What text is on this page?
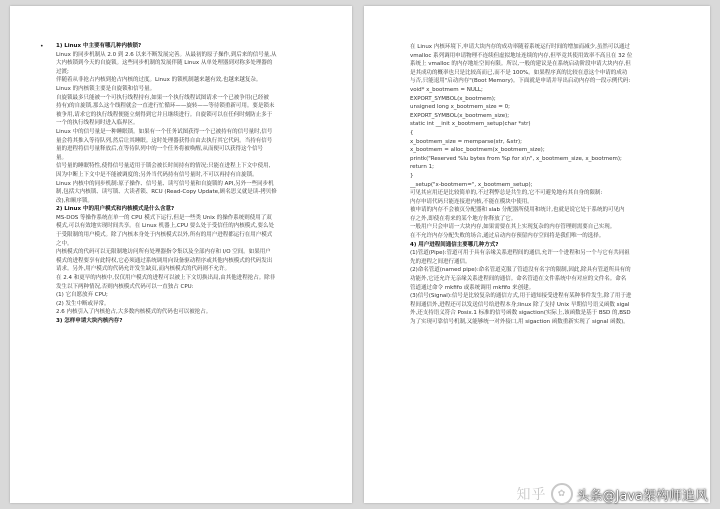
• 1) Linux 中主要有哪几种内核锁?
Linux 的同步机制从 2.0 到 2.6 以来不断发展完善。从最初的原子操作,到后来的信号量,从
大内核锁到今天的自旋锁。这些同步机制的发展伴随 Linux 从单处理器到对称多处理器的
过渡;
伴随着从非抢占内核到抢占内核的过度。Linux 的锁机制越来越有效,也越来越复杂。
Linux 的内核锁主要是自旋锁和信号量。
自旋锁最多只能被一个可执行线程持有,如果一个执行线程试图请求一个已被争用(已经被
持有)的自旋锁,那么这个线程就会一直进行忙循环——旋转——等待锁重新可用。要是锁未
被争用,请求它的执行线程便能立刻得到它并且继续进行。自旋锁可以在任何时刻防止多于
一个的执行线程同时进入临界区。
Linux 中的信号量是一种睡眠锁。如果有一个任务试图获得一个已被持有的信号量时,信号
量会将其推入等待队列,然后让其睡眠。这时处理器获得自由去执行其它代码。当持有信号
量的进程将信号量释放后,在等待队列中的一个任务将被唤醒,从而便可以获得这个信号
量。
信号量的睡眠特性,使得信号量适用于锁会被长时间持有的情况;只能在进程上下文中使用,
因为中断上下文中是不能被调度的;另外当代码持有信号量时,不可以再持有自旋锁。
Linux 内核中的同步机制:原子操作、信号量、读写信号量和自旋锁的 API,另外一些同步机
制,包括大内核锁、读写锁、大读者锁、RCU (Read-Copy Update,顾名思义就是读-拷贝修
改),和顺序锁。
2) Linux 中的用户模式和内核模式是什么含意?
MS-DOS 等操作系统在单一的 CPU 模式下运行,但是一些类 Unix 的操作系统则使用了双
模式,可以有效地实现时间共享。在 Linux 机器上,CPU 要么处于受信任的内核模式,要么处
于受限制的用户模式。除了内核本身处于内核模式以外,所有的用户进程都运行在用户模式
之中。
内核模式的代码可以无限制地访问所有处理器指令集以及全部内存和 I/O 空间。如果用户
模式的进程要享有此特权,它必须通过系统调用向设备驱动程序或其他内核模式的代码发出
请求。另外,用户模式的代码允许发生缺页,而内核模式的代码则不允许。
在 2.4 和更早的内核中,仅仅用户模式的进程可以被上下文切换出局,由其他进程抢占。除非
发生以下两种情况,否则内核模式代码可以一直独占 CPU:
(1) 它自愿放弃 CPU;
(2) 发生中断或异常。
2.6 内核引入了内核抢占,大多数内核模式的代码也可以被抢占。
3) 怎样申请大块内核内存?
在 Linux 内核环境下,申请大块内存的成功率随着系统运行时间的增加而减少,虽然可以通过
vmalloc 系列调用申请物理不连续但虚拟地址连续的内存,但毕竟其使用效率不高且在 32 位
系统上 vmalloc 的内存地址空间有限。所以,一般的建议是在系统启动阶段申请大块内存,但
是其成功的概率也只是比较高而已,而不是 100%。如果程序真的比较在意这个申请的成功
与否,只能退用"启动内存"(Boot Memory)。下面就是申请并导出启动内存的一段示例代码:
void* x_bootmem = NULL;
EXPORT_SYMBOL(x_bootmem);
unsigned long x_bootmem_size = 0;
EXPORT_SYMBOL(x_bootmem_size);
static int __init x_bootmem_setup(char *str)
{
x_bootmem_size = memparse(str, &str);
x_bootmem = alloc_bootmem(x_bootmem_size);
printk("Reserved %lu bytes from %p for x\n", x_bootmem_size, x_bootmem);
return 1;
}
__setup("x-bootmem=", x_bootmem_setup);
可见其应用还是比较简单的,不过利弊总是共生的,它不可避免地有其自身的限制:
内存申请代码只能连接进内核,不能在模块中使用。
被申请的内存不会被页分配器和 slab 分配器所使用和统计,也就是说它处于系统的可见内
存之外,即使在将来的某个地方你释放了它。
一般用户只会申请一大块内存,如果需要在其上实现复杂的内存管理则需要自己实现。
在不允许内存分配失败的场合,通过启动内存预留内存空间将是我们唯一的选择。
4) 用户进程间通信主要哪几种方式?
(1)管道(Pipe):管道可用于具有亲缘关系进程间的通信,允许一个进程和另一个与它有共同祖
先的进程之间进行通信。
(2)命名管道(named pipe):命名管道克服了管道没有名字的限制,因此,除具有管道所具有的
功能外,它还允许无亲缘关系进程间的通信。命名管道在文件系统中有对应的文件名。命名
管道通过命令 mkfifo 或系统调用 mkfifo 来创建。
(3)信号(Signal):信号是比较复杂的通信方式,用于通知接受进程有某种事件发生,除了用于进
程间通信外,进程还可以发送信号给进程本身;linux 除了支持 Unix 早期信号语义函数 sigal
外,还支持语义符合 Posix.1 标准的信号函数 sigaction(实际上,该函数是基于 BSD 的,BSD
为了实现可靠信号机制,又能够统一对外接口,用 sigaction 函数重新实现了 signal 函数)。
知乎	✿ 头条@Java架构师追风
